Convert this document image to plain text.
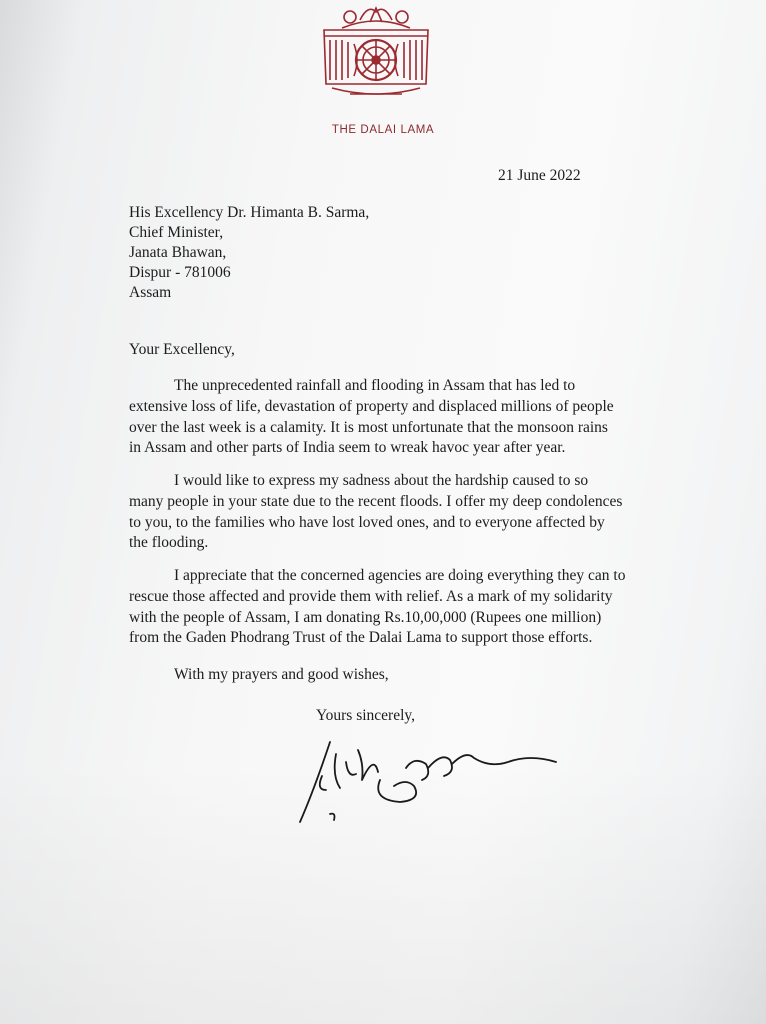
THE DALAI LAMA
21 June 2022
His Excellency Dr. Himanta B. Sarma,
Chief Minister,
Janata Bhawan,
Dispur - 781006
Assam
Your Excellency,
The unprecedented rainfall and flooding in Assam that has led to
extensive loss of life, devastation of property and displaced millions of people
over the last week is a calamity. It is most unfortunate that the monsoon rains
in Assam and other parts of India seem to wreak havoc year after year.
I would like to express my sadness about the hardship caused to so
many people in your state due to the recent floods. I offer my deep condolences
to you, to the families who have lost loved ones, and to everyone affected by
the flooding.
I appreciate that the concerned agencies are doing everything they can to
rescue those affected and provide them with relief. As a mark of my solidarity
with the people of Assam, I am donating Rs.10,00,000 (Rupees one million)
from the Gaden Phodrang Trust of the Dalai Lama to support those efforts.
With my prayers and good wishes,
Yours sincerely,
